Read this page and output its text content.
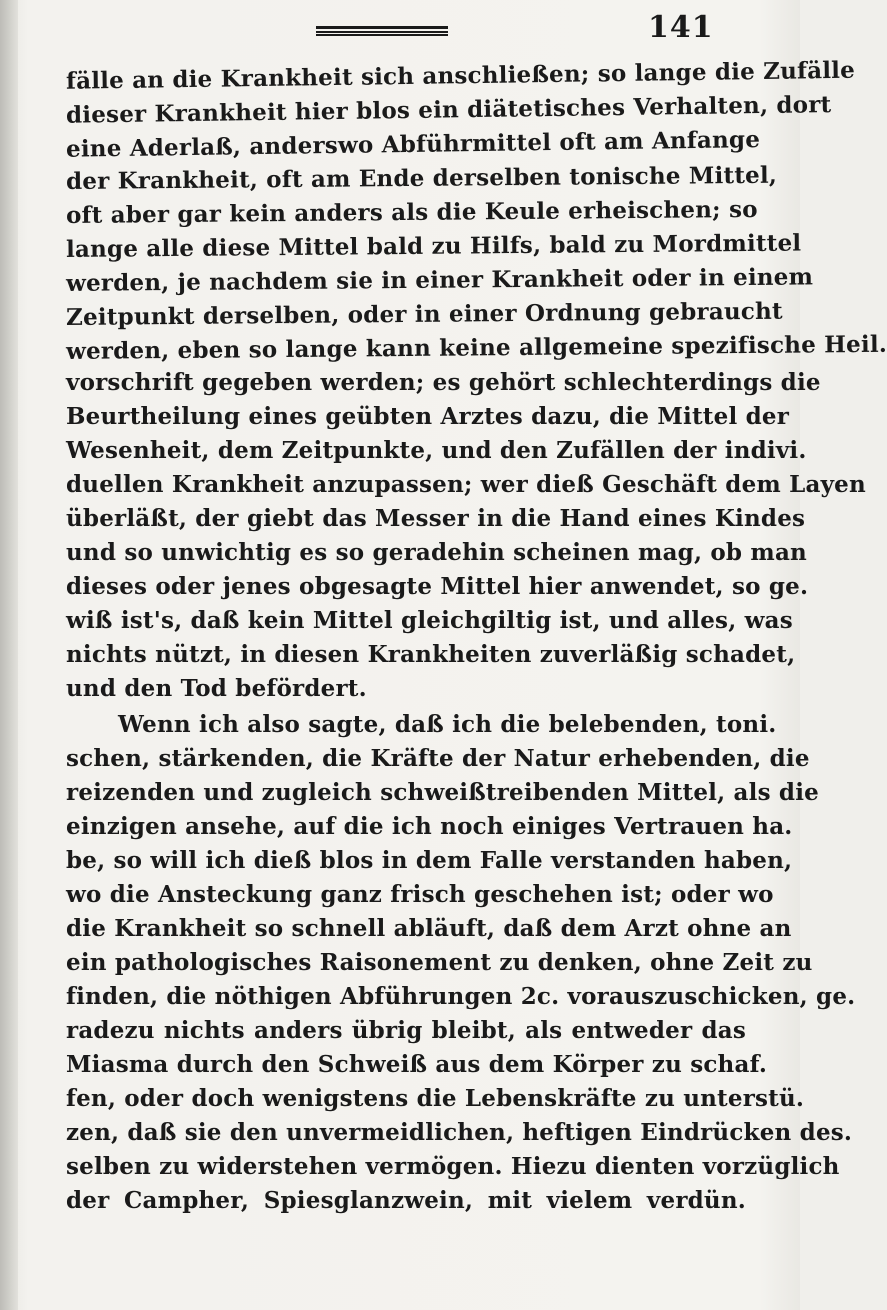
141
fälle an die Krankheit sich anschließen; so lange die Zufälle
dieser Krankheit hier blos ein diätetisches Verhalten, dort
eine Aderlaß, anderswo Abführmittel oft am Anfange
der Krankheit, oft am Ende derselben tonische Mittel,
oft aber gar kein anders als die Keule erheischen; so
lange alle diese Mittel bald zu Hilfs, bald zu Mordmittel
werden, je nachdem sie in einer Krankheit oder in einem
Zeitpunkt derselben, oder in einer Ordnung gebraucht
werden, eben so lange kann keine allgemeine spezifische Heil.
vorschrift gegeben werden; es gehört schlechterdings die
Beurtheilung eines geübten Arztes dazu, die Mittel der
Wesenheit, dem Zeitpunkte, und den Zufällen der indivi.
duellen Krankheit anzupassen; wer dieß Geschäft dem Layen
überläßt, der giebt das Messer in die Hand eines Kindes
und so unwichtig es so geradehin scheinen mag, ob man
dieses oder jenes obgesagte Mittel hier anwendet, so ge.
wiß ist's, daß kein Mittel gleichgiltig ist, und alles, was
nichts nützt, in diesen Krankheiten zuverläßig schadet,
und den Tod befördert.
Wenn ich also sagte, daß ich die belebenden, toni.
schen, stärkenden, die Kräfte der Natur erhebenden, die
reizenden und zugleich schweißtreibenden Mittel, als die
einzigen ansehe, auf die ich noch einiges Vertrauen ha.
be, so will ich dieß blos in dem Falle verstanden haben,
wo die Ansteckung ganz frisch geschehen ist; oder wo
die Krankheit so schnell abläuft, daß dem Arzt ohne an
ein pathologisches Raisonement zu denken, ohne Zeit zu
finden, die nöthigen Abführungen 2c. vorauszuschicken, ge.
radezu nichts anders übrig bleibt, als entweder das
Miasma durch den Schweiß aus dem Körper zu schaf.
fen, oder doch wenigstens die Lebenskräfte zu unterstü.
zen, daß sie den unvermeidlichen, heftigen Eindrücken des.
selben zu widerstehen vermögen. Hiezu dienten vorzüglich
der Campher, Spiesglanzwein, mit vielem verdün.
